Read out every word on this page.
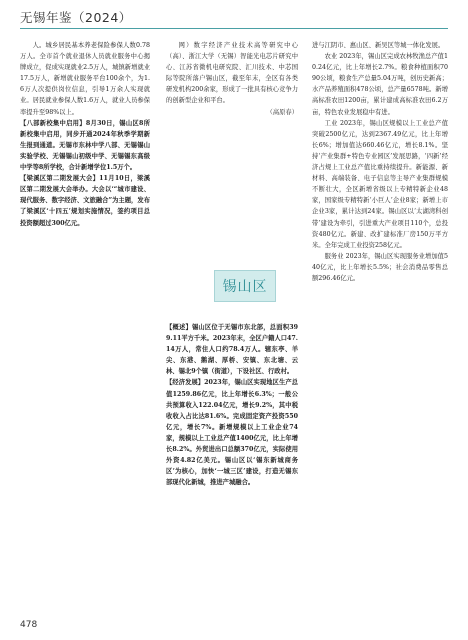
无锡年鉴（2024）

人。城乡居民基本养老保险参保人数0.78万人。全市首个就业退休人员就业服务中心揭牌成立，促成实现就业2.5万人，城镇新增就业17.5万人，新增就业服务平台100余个，为1.6万人次提供岗位信息，引导1万余人实现就业。居民就业参保人数1.6万人，就业人员参保率提升至98%以上。

【八部新校集中启用】8月30日，锡山区8所新校集中启用，同步开通2024年秋季学期新生报到通道。无锡市东林中学八部、无锡锡山实验学校、无锡锡山初级中学、无锡锡东高级中学等8所学校，合计新增学位1.5万个。

【梁溪区第二期发展大会】11月10日，梁溪区第二期发展大会举办。大会以‘“城市建设、现代服务、数字经济、文旅融合”为主题，发布了梁溪区‘十四五’规划实施情况，签约项目总投资额超过300亿元。

网）数字经济产业技术高等研究中心（高）、浙江大学（无锡）智能光电芯片研究中心、江苏省微机电研究院、汇川技术、中芯国际等院所落户锡山区，截至年末，全区有各类研发机构200余家，形成了一批具有核心竞争力的创新型企业和平台。

（高原春）

锡山区

【概述】锡山区位于无锡市东北部，总面积399.11平方千米。2023年末，全区户籍人口47.14万人，常住人口约78.4万人。辖东亭、羊尖、东港、鹅湖、厚桥、安镇、东北塘、云林、锡北9个镇（街道），下设社区、行政村。

【经济发展】2023年，锡山区实现地区生产总值1259.86亿元，比上年增长6.3%；一般公共预算收入122.04亿元，增长9.2%，其中税收收入占比达81.6%。完成固定资产投资550亿元，增长7%。新增规模以上工业企业74家，规模以上工业总产值1400亿元，比上年增长8.2%。外贸进出口总额370亿元，实际使用外资4.82亿美元。锡山区以‘锡东新城商务区’为核心，加快‘一城三区’建设，打造无锡东部现代化新城，推进产城融合。

进与江阴市、惠山区、新吴区等城一体化发展。

农业 2023年，锡山区完成农林牧渔总产值10.24亿元，比上年增长2.7%。粮食种植面积7090公顷，粮食生产总量5.04万吨，创历史新高；水产品养殖面积478公顷，总产量6578吨。新增高标准农田1200亩，累计建成高标准农田6.2万亩，特色农业发展稳中有进。

工业 2023年，锡山区规模以上工业总产值突破2500亿元，达到2367.49亿元，比上年增长6%；增加值达660.46亿元，增长8.1%。坚持‘产业集群+特色专业园区’发展思路，‘四新’经济占规上工业总产值比重持续提升。新能源、新材料、高端装备、电子信息等主导产业集群规模不断壮大，全区新增省级以上专精特新企业48家，国家级专精特新‘小巨人’企业8家；新增上市企业3家，累计达到24家。锡山区以‘太湖湾科创带’建设为牵引，引进重大产业项目110个，总投资480亿元。新建、改扩建标准厂房150万平方米。全年完成工业投资258亿元。

服务业 2023年，锡山区实现服务业增加值540亿元，比上年增长5.5%；社会消费品零售总额296.46亿元。

478
